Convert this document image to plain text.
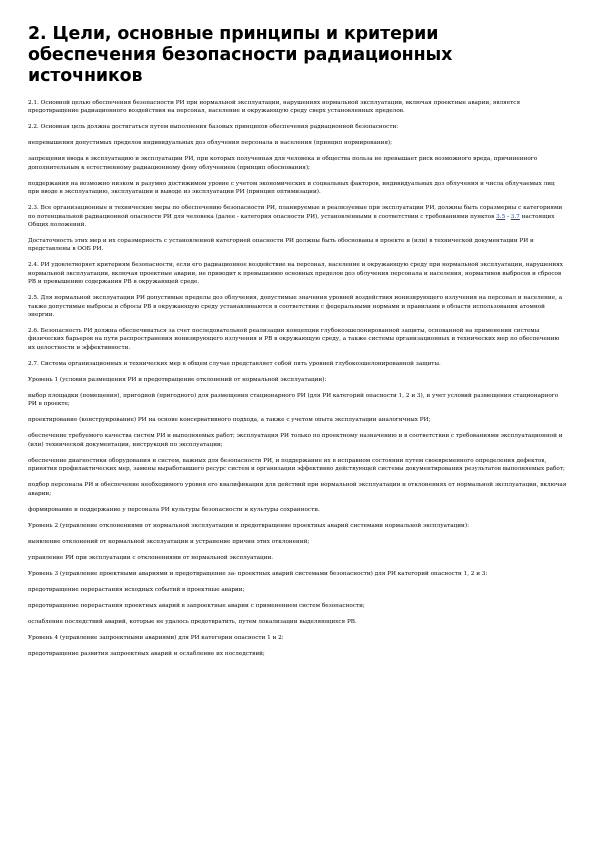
2. Цели, основные принципы и критерии обеспечения безопасности радиационных источников

2.1. Основной целью обеспечения безопасности РИ при нормальной эксплуатации, нарушениях нормальной эксплуатации, включая проектные аварии, является предотвращение радиационного воздействия на персонал, население и окружающую среду сверх установленных пределов.

2.2. Основная цель должна достигаться путем выполнения базовых принципов обеспечения радиационной безопасности:

непревышения допустимых пределов индивидуальных доз облучения персонала и населения (принцип нормирования);

запрещения ввода в эксплуатацию и эксплуатации РИ, при которых полученная для человека и общества польза не превышает риск возможного вреда, причиненного дополнительным к естественному радиационному фону облучением (принцип обоснования);

поддержания на возможно низком и разумно достижимом уровне с учетом экономических и социальных факторов, индивидуальных доз облучения и числа облучаемых лиц при вводе в эксплуатацию, эксплуатации и выводе из эксплуатации РИ (принцип оптимизации).

2.3. Все организационные и технические меры по обеспечению безопасности РИ, планируемые и реализуемые при эксплуатации РИ, должны быть соразмерны с категориями по потенциальной радиационной опасности РИ для человека (далее - категория опасности РИ), установленными в соответствии с требованиями пунктов 3.5 - 3.7 настоящих Общих положений.

Достаточность этих мер и их соразмерность с установленной категорией опасности РИ должны быть обоснованы в проекте и (или) в технической документации РИ и представлены в ООБ РИ.

2.4. РИ удовлетворяет критериям безопасности, если его радиационное воздействие на персонал, население и окружающую среду при нормальной эксплуатации, нарушениях нормальной эксплуатации, включая проектные аварии, не приводит к превышению основных пределов доз облучения персонала и населения, нормативов выбросов и сбросов РВ и превышению содержания РВ в окружающей среде.

2.5. Для нормальной эксплуатации РИ допустимые пределы доз облучения, допустимые значения уровней воздействия ионизирующего излучения на персонал и население, а также допустимые выбросы и сбросы РВ в окружающую среду устанавливаются в соответствии с федеральными нормами и правилами в области использования атомной энергии.

2.6. Безопасность РИ должна обеспечиваться за счет последовательной реализации концепции глубокоэшелонированной защиты, основанной на применении системы физических барьеров на пути распространения ионизирующего излучения и РВ в окружающую среду, а также системы организационных и технических мер по обеспечению их целостности и эффективности.

2.7. Система организационных и технических мер в общем случае представляет собой пять уровней глубокоэшелонированной защиты.

Уровень 1 (условия размещения РИ и предотвращение отклонений от нормальной эксплуатации):

выбор площадки (помещения), пригодной (пригодного) для размещения стационарного РИ (для РИ категорий опасности 1, 2 и 3), и учет условий размещения стационарного РИ в проекте;

проектирование (конструирование) РИ на основе консервативного подхода, а также с учетом опыта эксплуатации аналогичных РИ;

обеспечение требуемого качества систем РИ и выполняемых работ; эксплуатация РИ только по проектному назначению и в соответствии с требованиями эксплуатационной и (или) технической документации, инструкций по эксплуатации;

обеспечение диагностики оборудования и систем, важных для безопасности РИ, и поддержание их в исправном состоянии путем своевременного определения дефектов, принятия профилактических мер, замены выработавшего ресурс систем и организации эффективно действующей системы документирования результатов выполняемых работ;

подбор персонала РИ и обеспечение необходимого уровня его квалификации для действий при нормальной эксплуатации и отклонениях от нормальной эксплуатации, включая аварии;

формирование и поддержание у персонала РИ культуры безопасности и культуры сохранности.

Уровень 2 (управление отклонениями от нормальной эксплуатации и предотвращение проектных аварий системами нормальной эксплуатации):

выявление отклонений от нормальной эксплуатации и устранение причин этих отклонений;

управление РИ при эксплуатации с отклонениями от нормальной эксплуатации.

Уровень 3 (управление проектными авариями и предотвращение за- проектных аварий системами безопасности) для РИ категорий опасности 1, 2 и 3:

предотвращение перерастания исходных событий в проектные аварии;

предотвращение перерастания проектных аварий в запроектные аварии с применением систем безопасности;

ослабление последствий аварий, которые не удалось предотвратить, путем локализации выделяющихся РВ.

Уровень 4 (управление запроектными авариями) для РИ категории опасности 1 и 2:

предотвращение развития запроектных аварий и ослабление их последствий;
